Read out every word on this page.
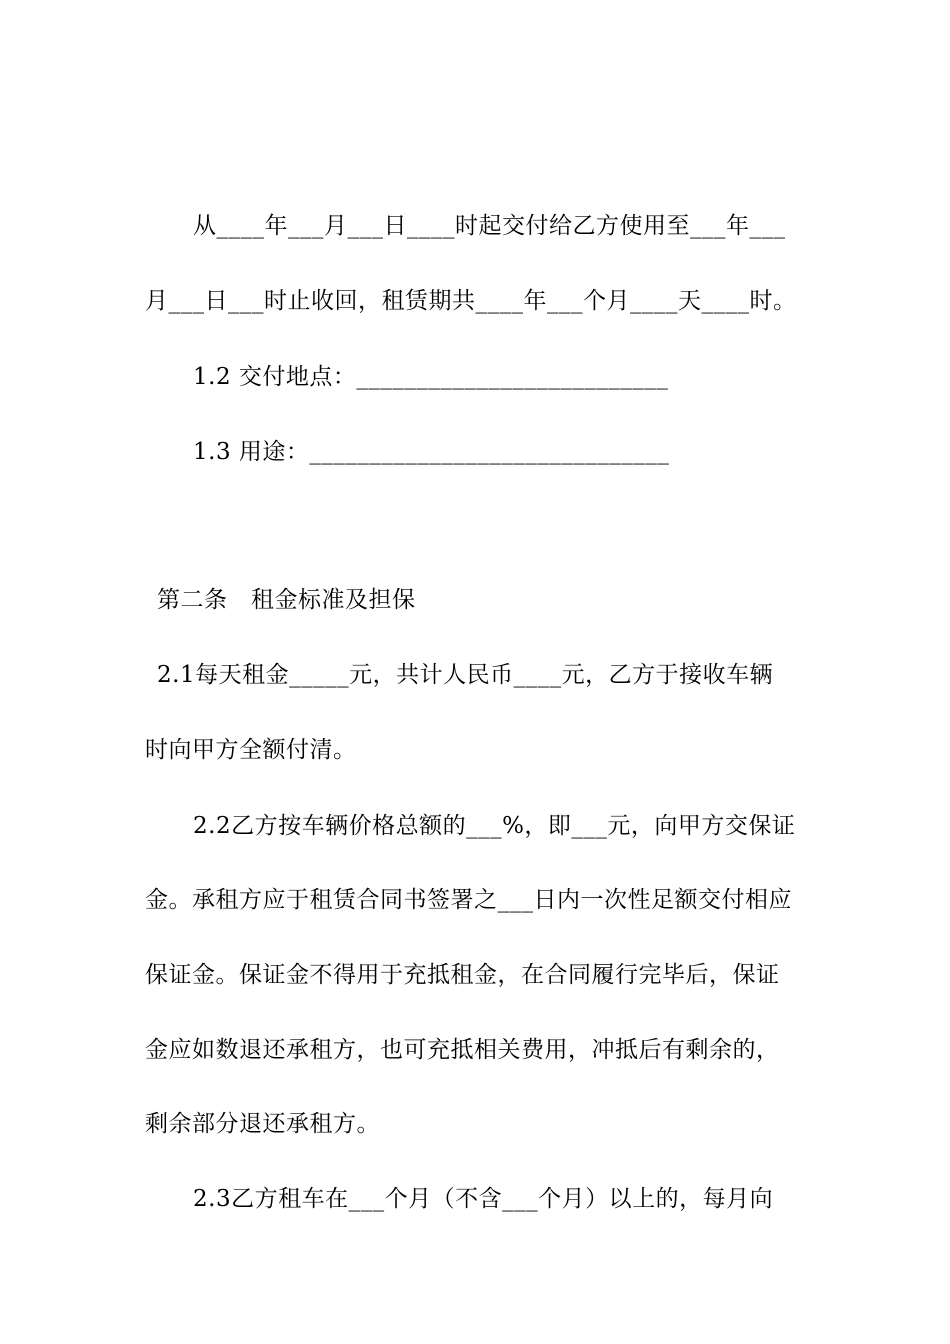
从____年___月___日____时起交付给乙方使用至___年___
月___日___时止收回，租赁期共____年___个月____天____时。
1.2 交付地点：__________________________
1.3 用途：______________________________
第二条　租金标准及担保
2.1每天租金_____元，共计人民币____元，乙方于接收车辆
时向甲方全额付清。
2.2乙方按车辆价格总额的___%，即___元，向甲方交保证
金。承租方应于租赁合同书签署之___日内一次性足额交付相应
保证金。保证金不得用于充抵租金，在合同履行完毕后，保证
金应如数退还承租方，也可充抵相关费用，冲抵后有剩余的，
剩余部分退还承租方。
2.3乙方租车在___个月（不含___个月）以上的，每月向
